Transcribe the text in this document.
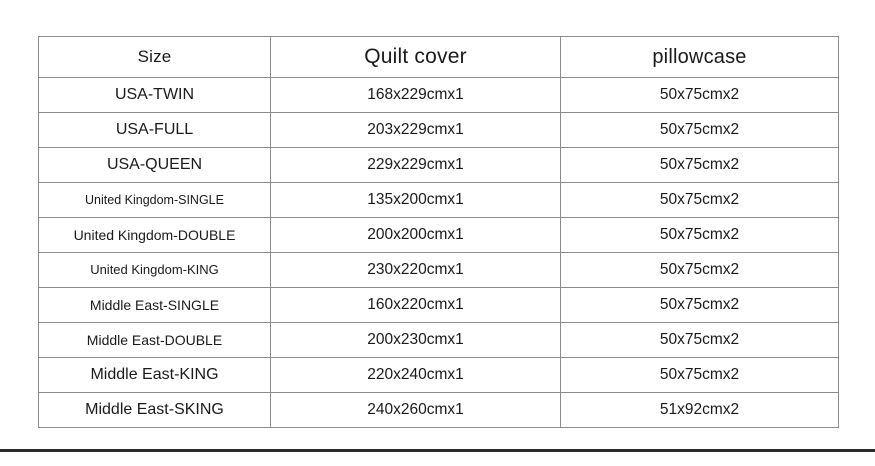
Size	Quilt cover	pillowcase
USA-TWIN	168x229cmx1	50x75cmx2
USA-FULL	203x229cmx1	50x75cmx2
USA-QUEEN	229x229cmx1	50x75cmx2
United Kingdom-SINGLE	135x200cmx1	50x75cmx2
United Kingdom-DOUBLE	200x200cmx1	50x75cmx2
United Kingdom-KING	230x220cmx1	50x75cmx2
Middle East-SINGLE	160x220cmx1	50x75cmx2
Middle East-DOUBLE	200x230cmx1	50x75cmx2
Middle East-KING	220x240cmx1	50x75cmx2
Middle East-SKING	240x260cmx1	51x92cmx2
